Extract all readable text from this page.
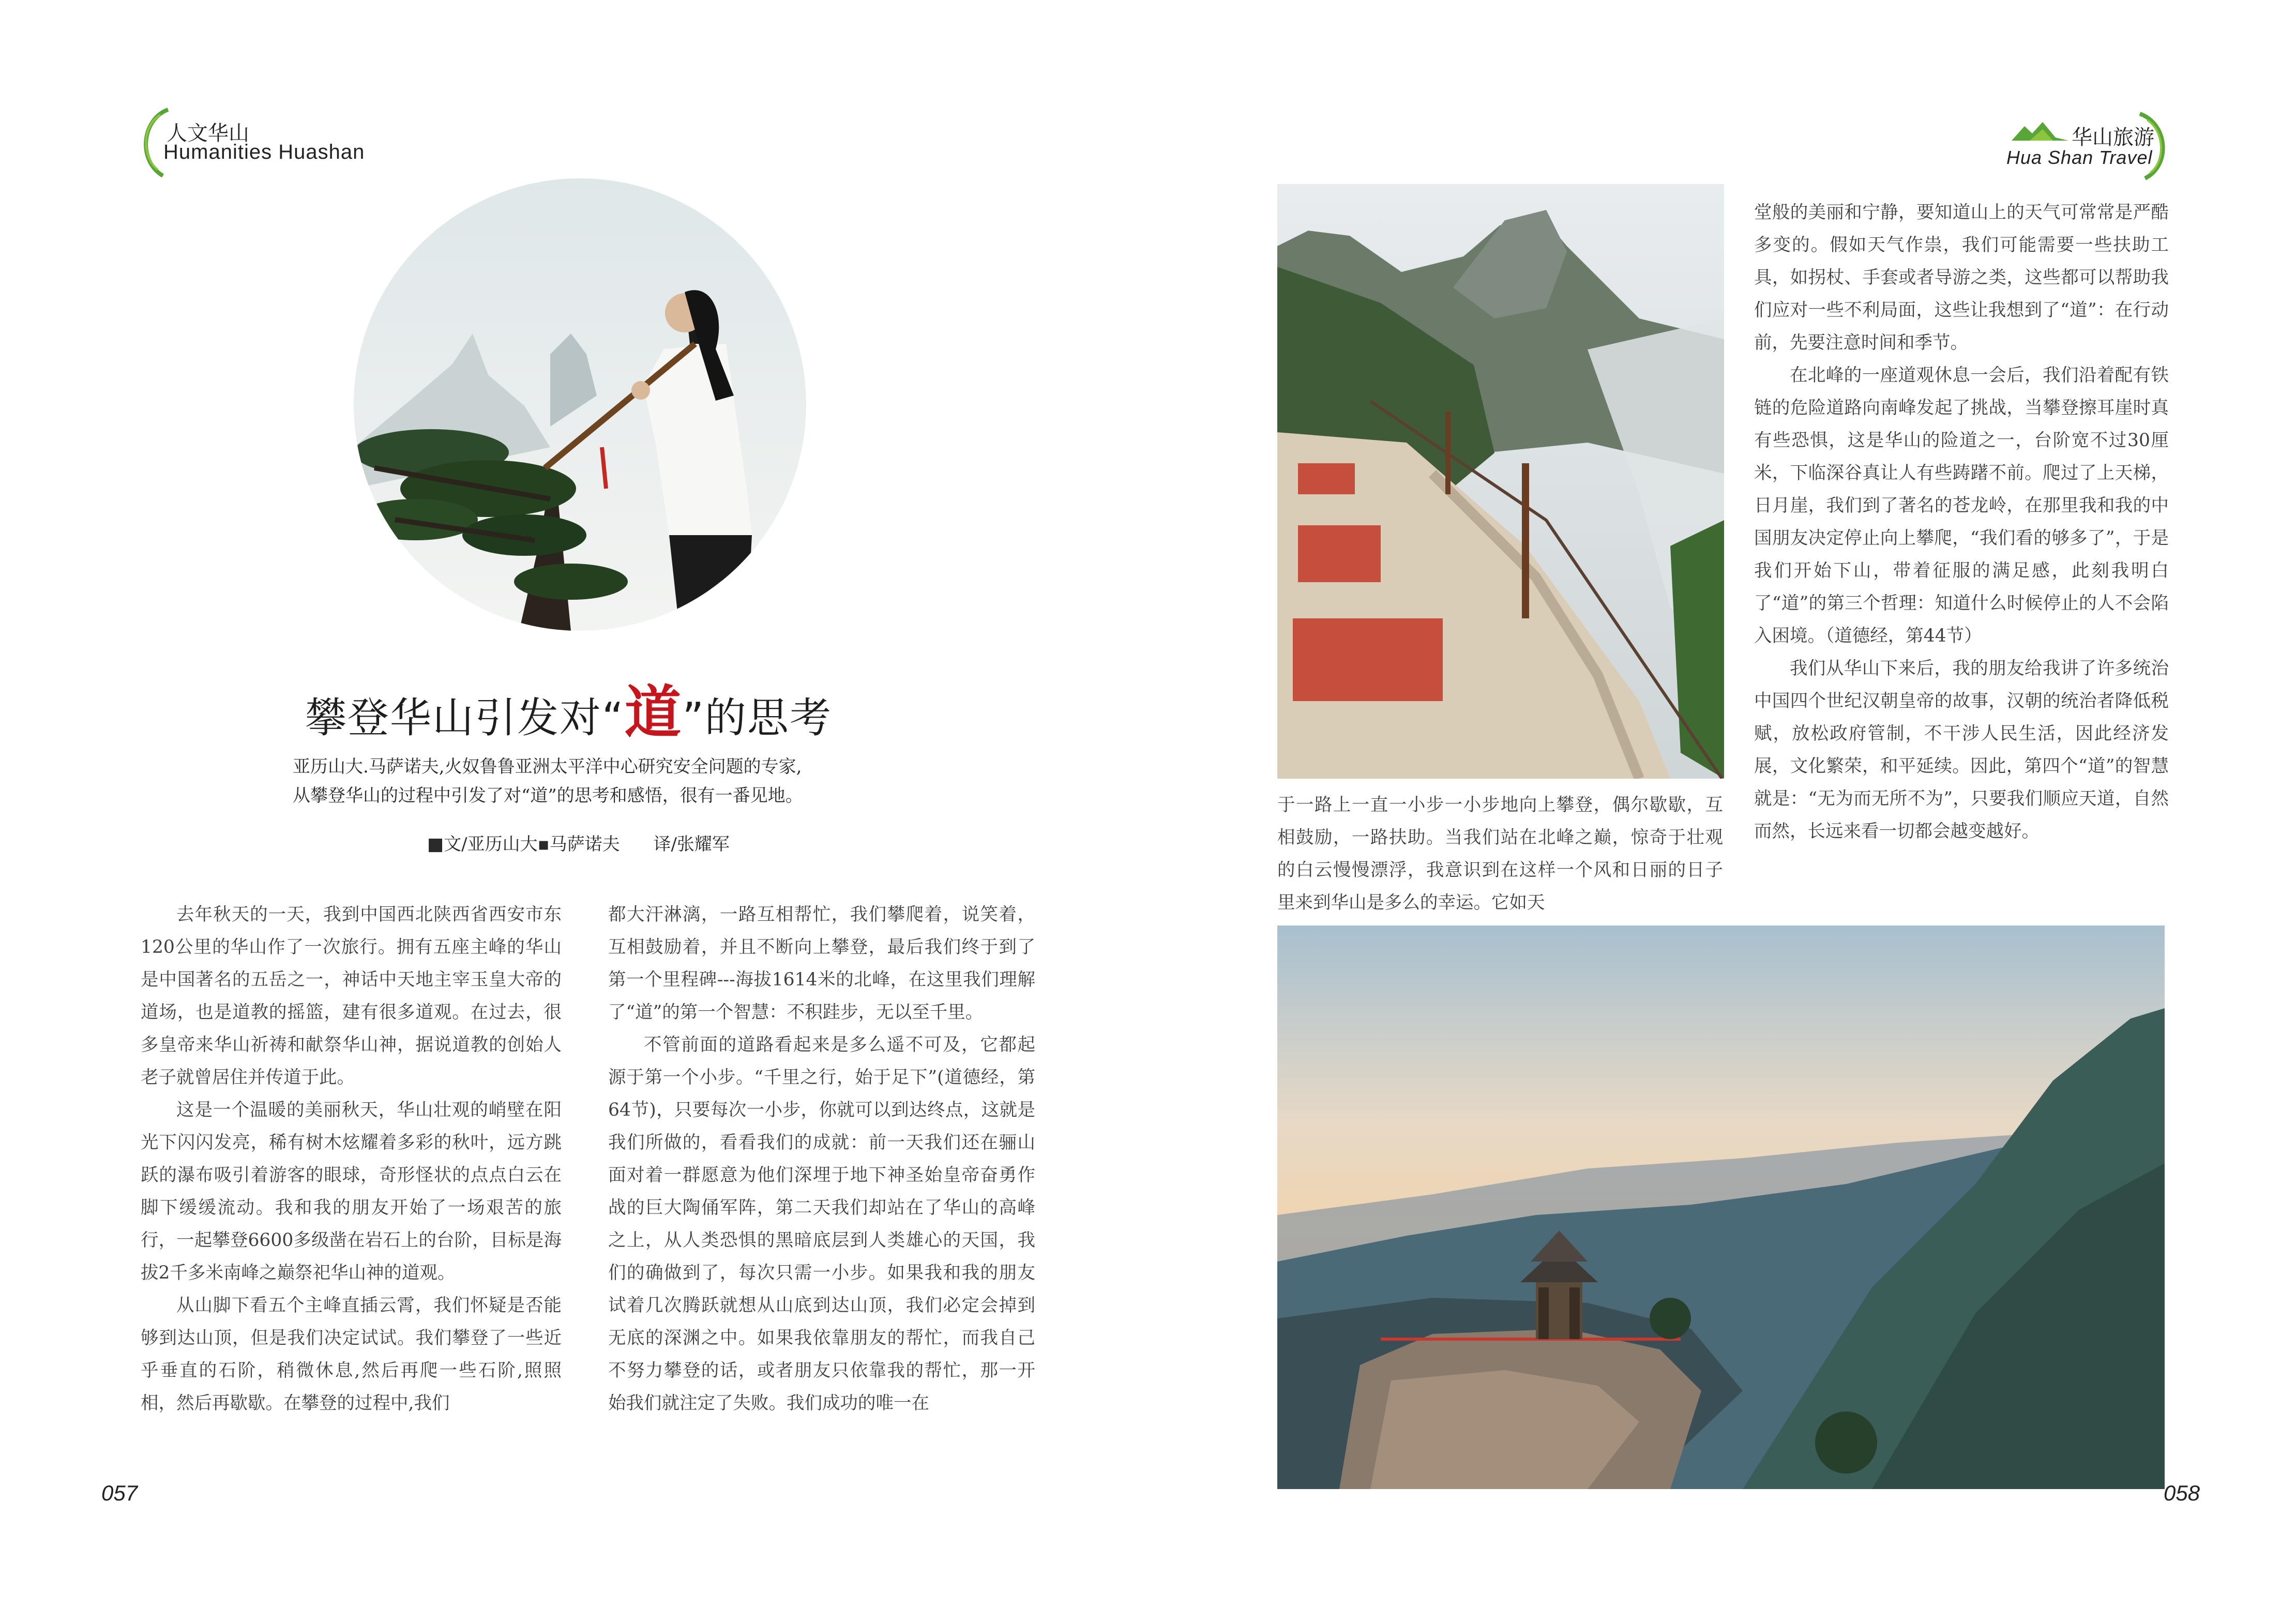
人文华山
Humanities Huashan
华山旅游
Hua Shan Travel
攀登华山引发对“道”的思考
亚历山大.马萨诺夫,火奴鲁鲁亚洲太平洋中心研究安全问题的专家,
从攀登华山的过程中引发了对“道”的思考和感悟，很有一番见地。
■文/亚历山大▪马萨诺夫      译/张耀军

去年秋天的一天，我到中国西北陕西省西安市东120公里的华山作了一次旅行。拥有五座主峰的华山是中国著名的五岳之一，神话中天地主宰玉皇大帝的道场，也是道教的摇篮，建有很多道观。在过去，很多皇帝来华山祈祷和献祭华山神，据说道教的创始人老子就曾居住并传道于此。

这是一个温暖的美丽秋天，华山壮观的峭壁在阳光下闪闪发亮，稀有树木炫耀着多彩的秋叶，远方跳跃的瀑布吸引着游客的眼球，奇形怪状的点点白云在脚下缓缓流动。我和我的朋友开始了一场艰苦的旅行，一起攀登6600多级凿在岩石上的台阶，目标是海拔2千多米南峰之巅祭祀华山神的道观。

从山脚下看五个主峰直插云霄，我们怀疑是否能够到达山顶，但是我们决定试试。我们攀登了一些近乎垂直的石阶，稍微休息,然后再爬一些石阶,照照相，然后再歇歇。在攀登的过程中,我们

都大汗淋漓，一路互相帮忙，我们攀爬着，说笑着，互相鼓励着，并且不断向上攀登，最后我们终于到了第一个里程碑---海拔1614米的北峰，在这里我们理解了“道”的第一个智慧：不积跬步，无以至千里。

不管前面的道路看起来是多么遥不可及，它都起源于第一个小步。“千里之行，始于足下”(道德经，第64节)，只要每次一小步，你就可以到达终点，这就是我们所做的，看看我们的成就：前一天我们还在骊山面对着一群愿意为他们深埋于地下神圣始皇帝奋勇作战的巨大陶俑军阵，第二天我们却站在了华山的高峰之上，从人类恐惧的黑暗底层到人类雄心的天国，我们的确做到了，每次只需一小步。如果我和我的朋友试着几次腾跃就想从山底到达山顶，我们必定会掉到无底的深渊之中。如果我依靠朋友的帮忙，而我自己不努力攀登的话，或者朋友只依靠我的帮忙，那一开始我们就注定了失败。我们成功的唯一在

于一路上一直一小步一小步地向上攀登，偶尔歇歇，互相鼓励，一路扶助。当我们站在北峰之巅，惊奇于壮观的白云慢慢漂浮，我意识到在这样一个风和日丽的日子里来到华山是多么的幸运。它如天

堂般的美丽和宁静，要知道山上的天气可常常是严酷多变的。假如天气作祟，我们可能需要一些扶助工具，如拐杖、手套或者导游之类，这些都可以帮助我们应对一些不利局面，这些让我想到了“道”：在行动前，先要注意时间和季节。

在北峰的一座道观休息一会后，我们沿着配有铁链的危险道路向南峰发起了挑战，当攀登擦耳崖时真有些恐惧，这是华山的险道之一，台阶宽不过30厘米，下临深谷真让人有些踌躇不前。爬过了上天梯，日月崖，我们到了著名的苍龙岭，在那里我和我的中国朋友决定停止向上攀爬，“我们看的够多了”，于是我们开始下山，带着征服的满足感，此刻我明白了“道”的第三个哲理：知道什么时候停止的人不会陷入困境。（道德经，第44节）

我们从华山下来后，我的朋友给我讲了许多统治中国四个世纪汉朝皇帝的故事，汉朝的统治者降低税赋，放松政府管制，不干涉人民生活，因此经济发展，文化繁荣，和平延续。因此，第四个“道”的智慧就是：“无为而无所不为”，只要我们顺应天道，自然而然，长远来看一切都会越变越好。

057	058
